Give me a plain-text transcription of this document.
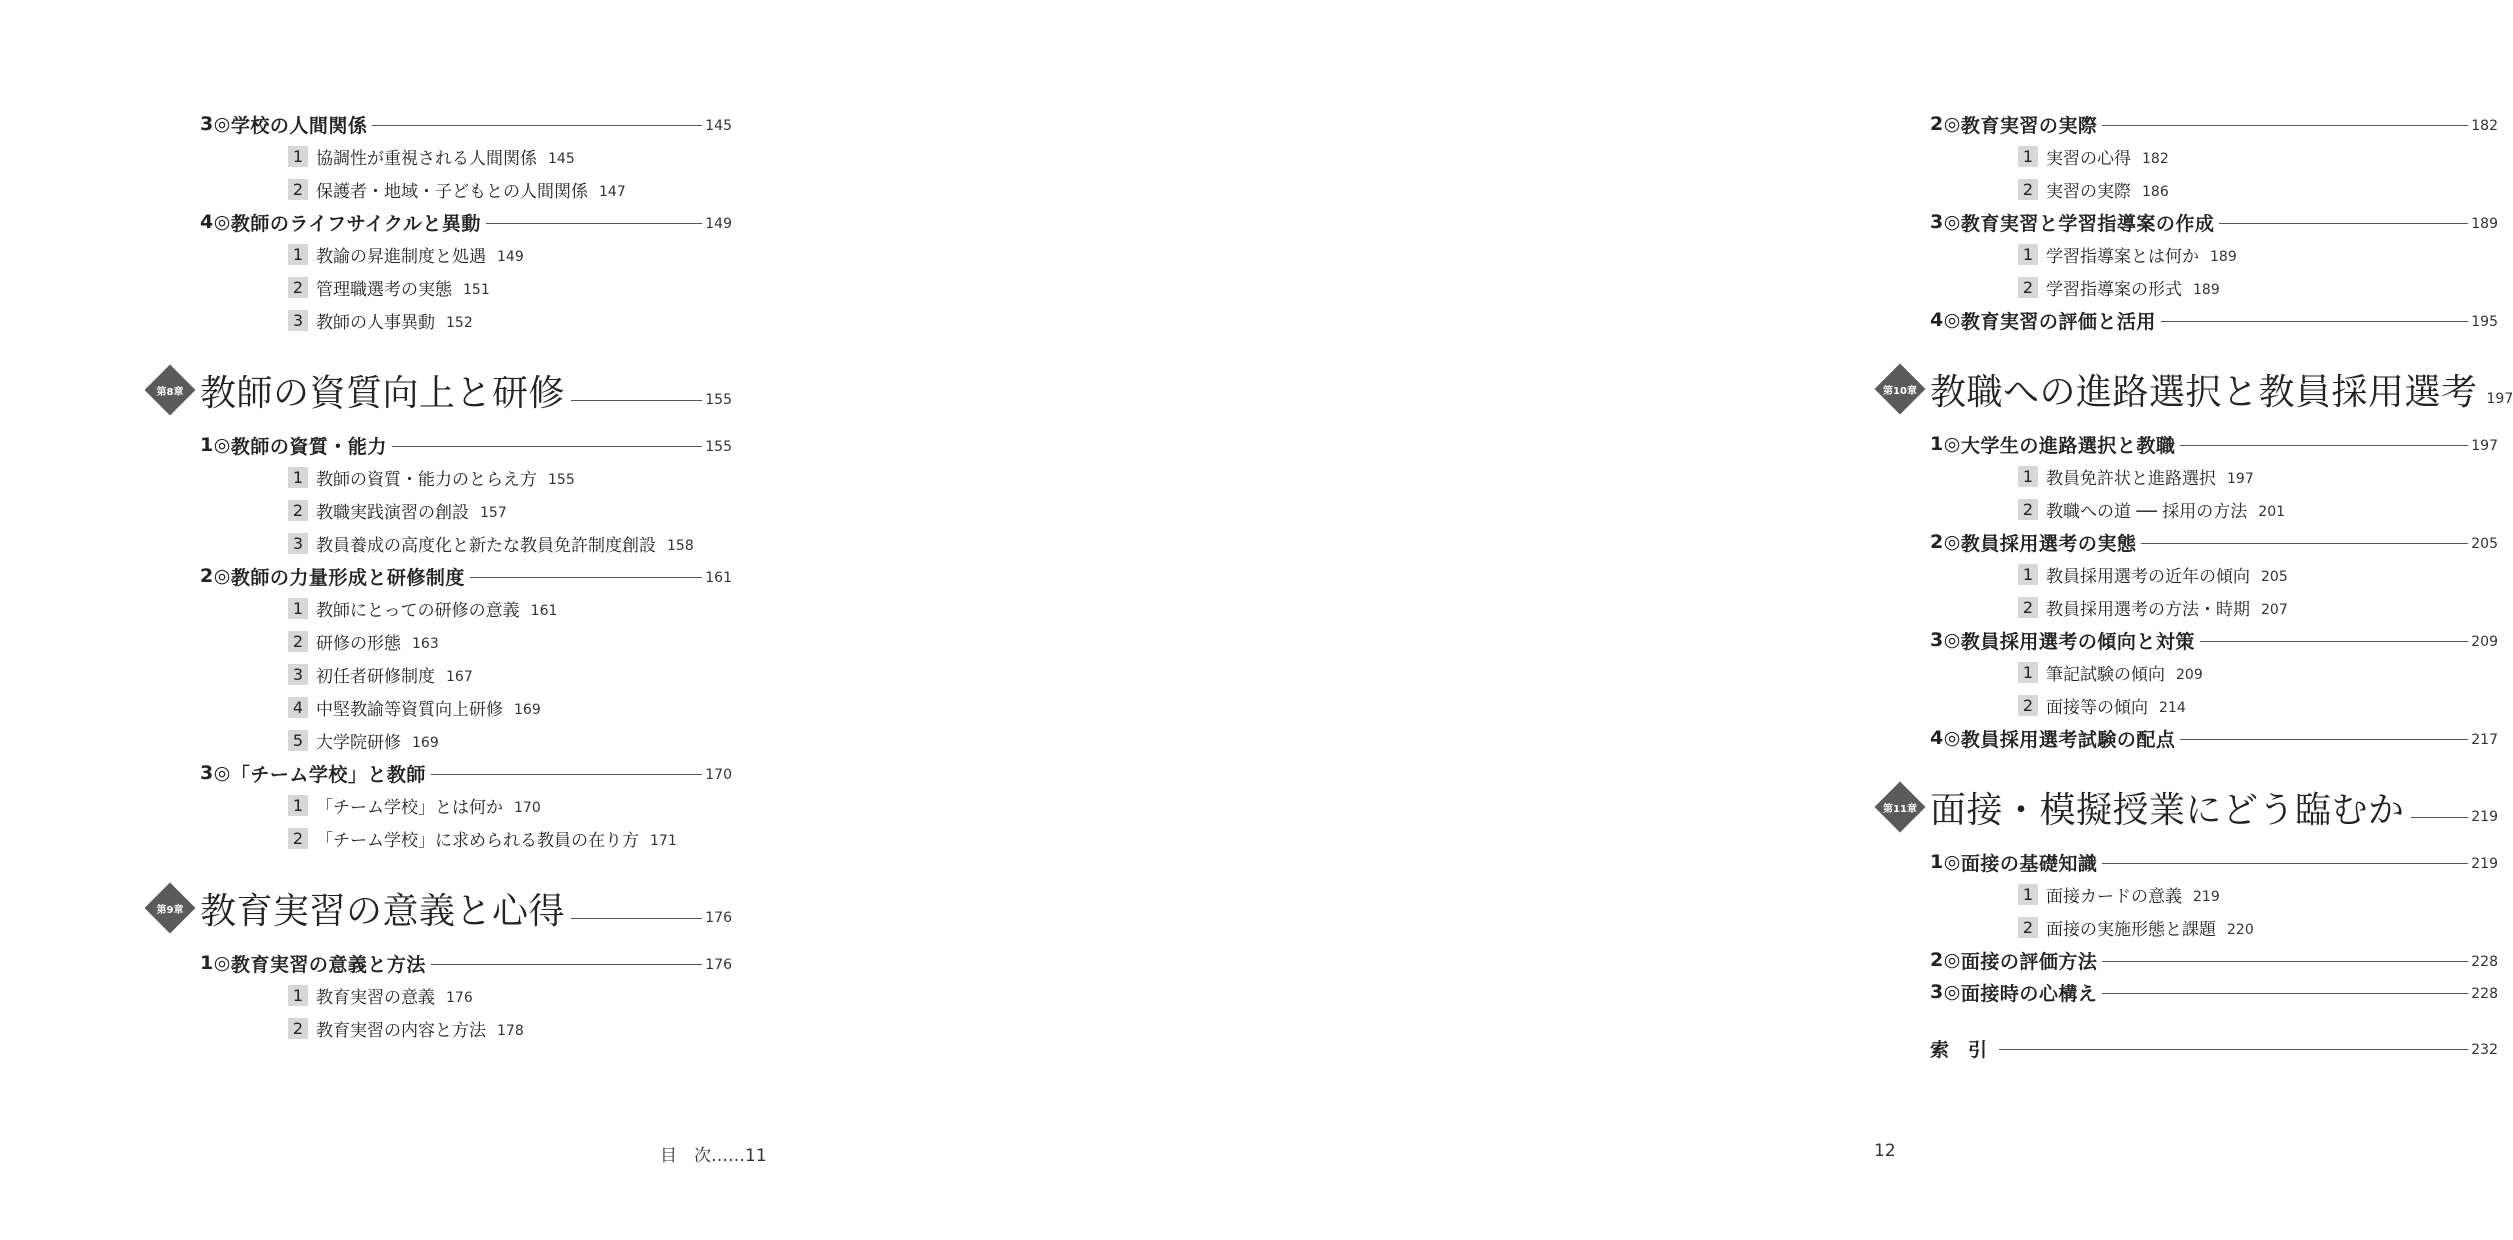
3◎ 学校の人間関係	145
1 協調性が重視される人間関係 145
2 保護者・地域・子どもとの人間関係 147
4◎ 教師のライフサイクルと異動	149
1 教諭の昇進制度と処遇 149
2 管理職選考の実態 151
3 教師の人事異動 152
第8章 教師の資質向上と研修	155
1◎ 教師の資質・能力	155
1 教師の資質・能力のとらえ方 155
2 教職実践演習の創設 157
3 教員養成の高度化と新たな教員免許制度創設 158
2◎ 教師の力量形成と研修制度	161
1 教師にとっての研修の意義 161
2 研修の形態 163
3 初任者研修制度 167
4 中堅教諭等資質向上研修 169
5 大学院研修 169
3◎ 「チーム学校」と教師	170
1 「チーム学校」とは何か 170
2 「チーム学校」に求められる教員の在り方 171
第9章 教育実習の意義と心得	176
1◎ 教育実習の意義と方法	176
1 教育実習の意義 176
2 教育実習の内容と方法 178
目　次……11
2◎ 教育実習の実際	182
1 実習の心得 182
2 実習の実際 186
3◎ 教育実習と学習指導案の作成	189
1 学習指導案とは何か 189
2 学習指導案の形式 189
4◎ 教育実習の評価と活用	195
第10章 教職への進路選択と教員採用選考 197
1◎ 大学生の進路選択と教職	197
1 教員免許状と進路選択 197
2 教職への道 ── 採用の方法 201
2◎ 教員採用選考の実態	205
1 教員採用選考の近年の傾向 205
2 教員採用選考の方法・時期 207
3◎ 教員採用選考の傾向と対策	209
1 筆記試験の傾向 209
2 面接等の傾向 214
4◎ 教員採用選考試験の配点	217
第11章 面接・模擬授業にどう臨むか	219
1◎ 面接の基礎知識	219
1 面接カードの意義 219
2 面接の実施形態と課題 220
2◎ 面接の評価方法	228
3◎ 面接時の心構え	228
索　引	232
12
